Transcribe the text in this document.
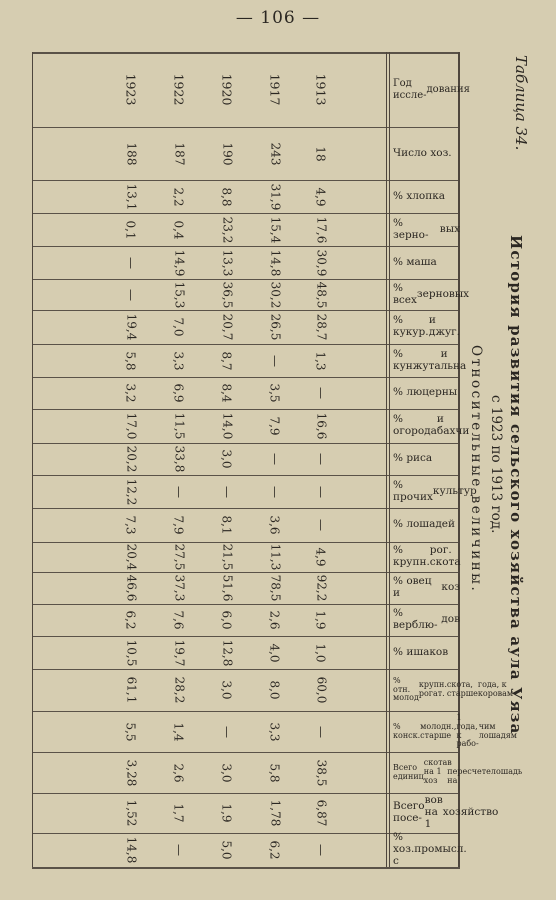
— 106 —
Таблица 34.
История развития сельского хозяйства аула Уяза
с 1923 по 1913 год.
Относительные величины.
Год иссле-

дования
1923	1922	1920	1917 1913
Число хоз.
188	187	190	243	18
% хлопка
13,1	2,2	8,8	31,9	4,9
% зерно-	вых
0,1	0,4	23,2	15,4	17,6
% маша
—	14,9	13,3	14,8	30,9
% всех зерновых
—	15,3	36,5	30,2	48,5
% кукур.

и джуг.
19,4	7,0	20,7	26,5	28,7
% кунжута

и льна
5,8	3,3	8,7	—	1,3
% люцерны
3,2	6,9	8,4	3,5	—
% огорода

и бахчи
17,0	11,5	14,0	7,9	16,6
% риса
20,2	33,8	3,0	—	—
% прочих культур
12,2	—	—	—	—
% лошадей
7,3	7,9	8,1	3,6	—
% крупн.

рог. скота
20,4	27,5	21,5	11,3	4,9
% овец и	коз
46,6	37,3	51,6	78,5	92,2
% верблю- дов
6,2	7,6	6,0	2,6	1,9
% ишаков
10,5	19,7	12,8	4,0	1,0
% отн. молод

крупн. рогат.

скота, старше

года, к коровам
61,1	28,2	3,0	8,0	60,0
% конск.

молодн., старше

1 года, к рабо-

чим лошадям
5,5	1,4	—	3,3	—
Всего единиц

скота на 1 хоз

в пересчете на

лошадь
3,28	2,6	3,0	5,8	38,5
Всего посе-

вов на 1

хозяйство
1,52	1,7	1,9	1,78	6,87
% хоз. с

промысл.
14,8	—	5,0	6,2	—
